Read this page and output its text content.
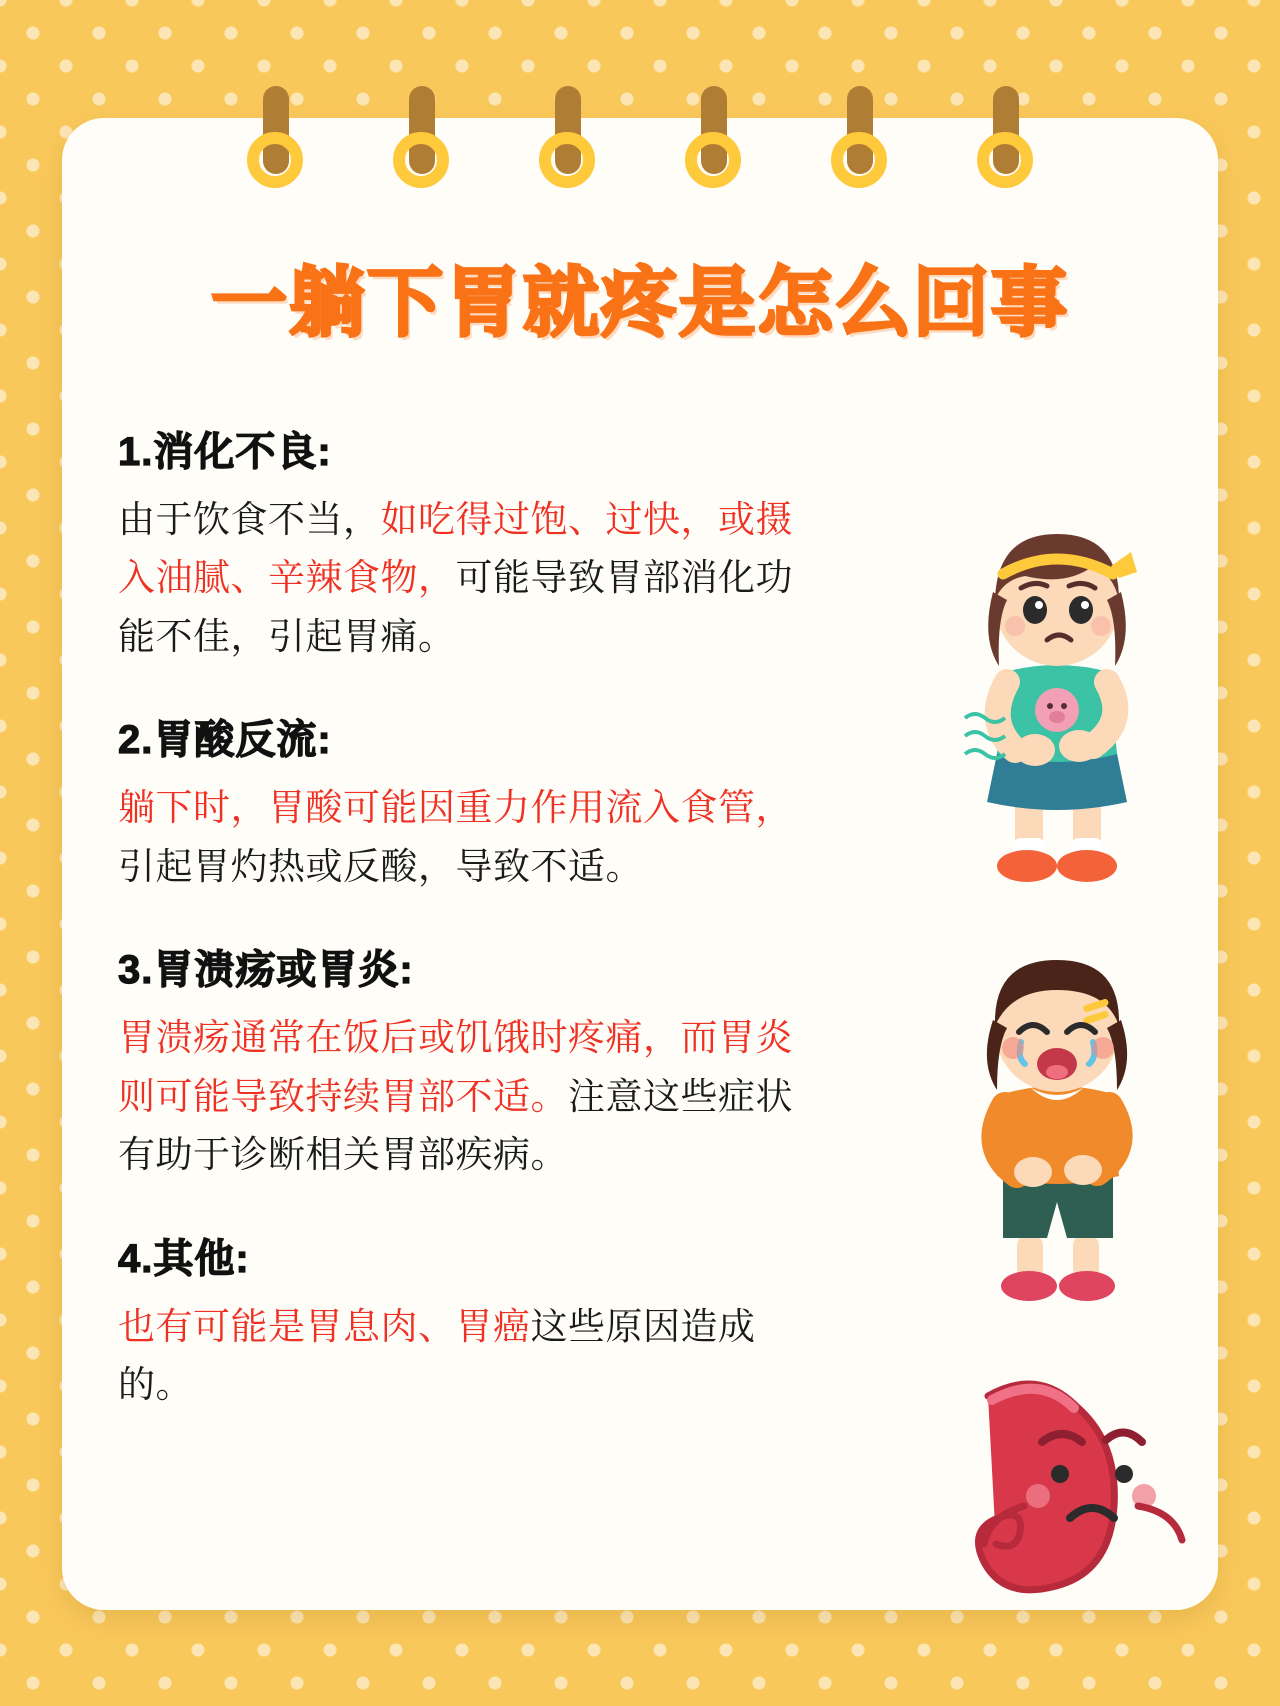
一躺下胃就疼是怎么回事
1.消化不良:

由于饮食不当，如吃得过饱、过快，或摄入油腻、辛辣食物，可能导致胃部消化功能不佳，引起胃痛。

2.胃酸反流:

躺下时，胃酸可能因重力作用流入食管，引起胃灼热或反酸，导致不适。

3.胃溃疡或胃炎:

胃溃疡通常在饭后或饥饿时疼痛，而胃炎则可能导致持续胃部不适。注意这些症状有助于诊断相关胃部疾病。

4.其他:

也有可能是胃息肉、胃癌这些原因造成的。
